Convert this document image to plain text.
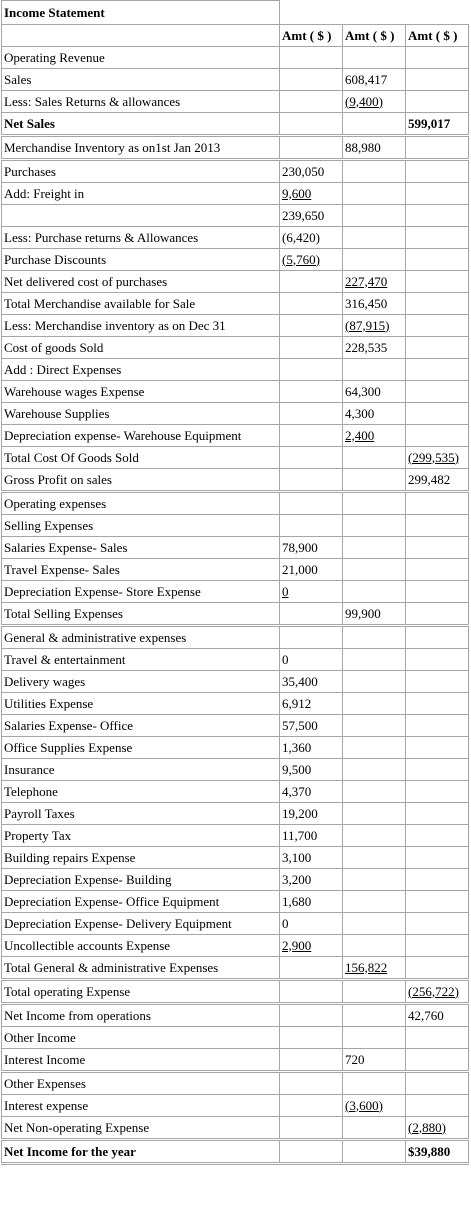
Income Statement			
	Amt ( $ )	Amt ( $ )	Amt ( $ )
Operating Revenue			
Sales		608,417	
Less: Sales Returns & allowances		(9,400)	
Net Sales			599,017
Merchandise Inventory as on1st Jan 2013		88,980	
Purchases	230,050		
Add: Freight in	9,600		
	239,650		
Less: Purchase returns & Allowances	(6,420)		
Purchase Discounts	(5,760)		
Net delivered cost of purchases		227,470	
Total Merchandise available for Sale		316,450	
Less: Merchandise inventory as on Dec 31		(87,915)	
Cost of goods Sold		228,535	
Add : Direct Expenses			
Warehouse wages Expense		64,300	
Warehouse Supplies		4,300	
Depreciation expense- Warehouse Equipment		2,400	
Total Cost Of Goods Sold			(299,535)
Gross Profit on sales			299,482
Operating expenses			
Selling Expenses			
Salaries Expense- Sales	78,900		
Travel Expense- Sales	21,000		
Depreciation Expense- Store Expense	0		
Total Selling Expenses		99,900	
General & administrative expenses			
Travel & entertainment	0		
Delivery wages	35,400		
Utilities Expense	6,912		
Salaries Expense- Office	57,500		
Office Supplies Expense	1,360		
Insurance	9,500		
Telephone	4,370		
Payroll Taxes	19,200		
Property Tax	11,700		
Building repairs Expense	3,100		
Depreciation Expense- Building	3,200		
Depreciation Expense- Office Equipment	1,680		
Depreciation Expense- Delivery Equipment	0		
Uncollectible accounts Expense	2,900		
Total General & administrative Expenses		156,822	
Total operating Expense			(256,722)
Net Income from operations			42,760
Other Income			
Interest Income		720	
Other Expenses			
Interest expense		(3,600)	
Net Non-operating Expense			(2,880)
Net Income for the year			$39,880
